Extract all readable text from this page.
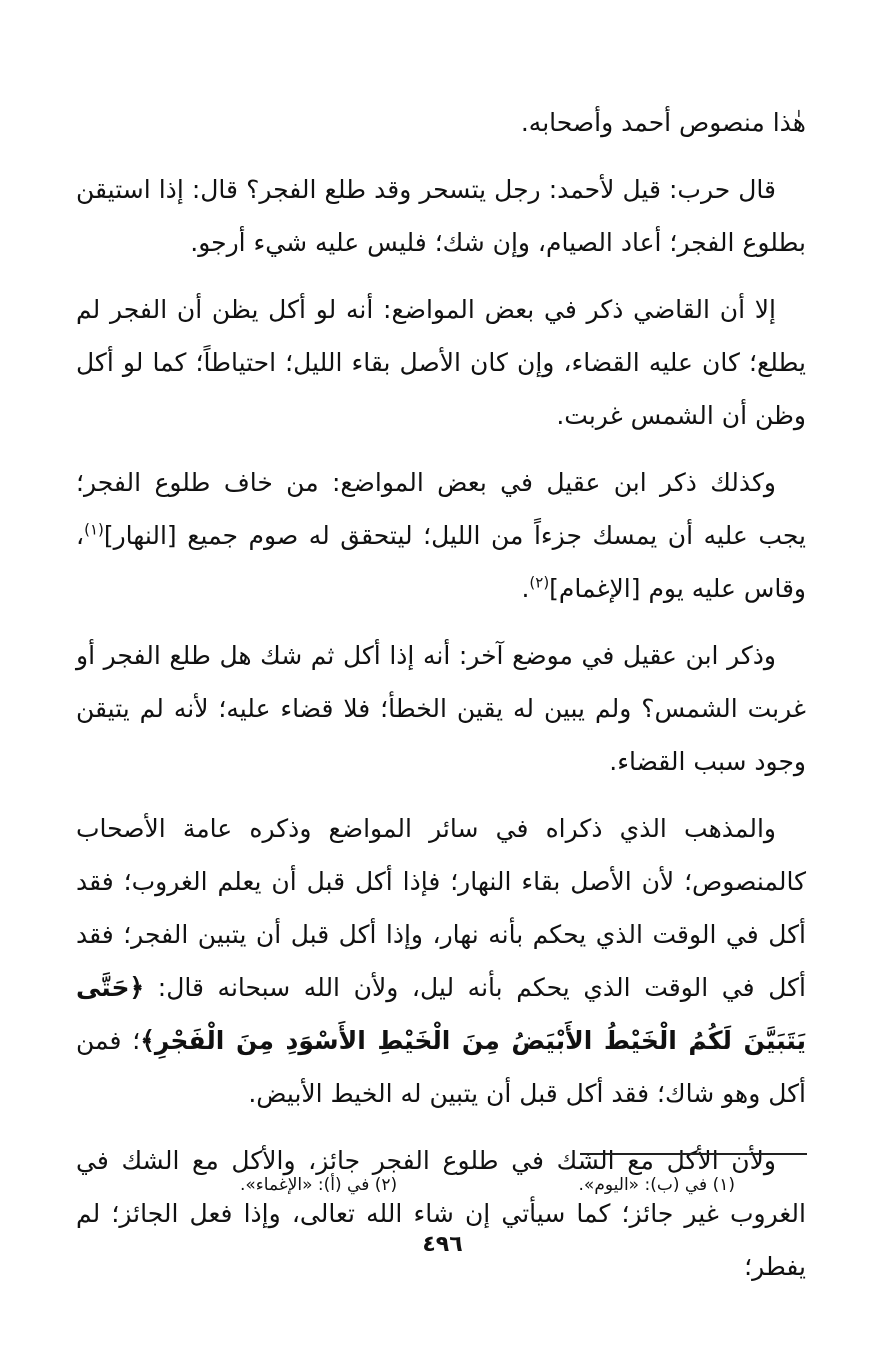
هٰذا منصوص أحمد وأصحابه.

قال حرب: قيل لأحمد: رجل يتسحر وقد طلع الفجر؟ قال: إذا استيقن بطلوع الفجر؛ أعاد الصيام، وإن شك؛ فليس عليه شيء أرجو.

إلا أن القاضي ذكر في بعض المواضع: أنه لو أكل يظن أن الفجر لم يطلع؛ كان عليه القضاء، وإن كان الأصل بقاء الليل؛ احتياطاً؛ كما لو أكل وظن أن الشمس غربت.

وكذلك ذكر ابن عقيل في بعض المواضع: من خاف طلوع الفجر؛ يجب عليه أن يمسك جزءاً من الليل؛ ليتحقق له صوم جميع [النهار]$^{(١)}$، وقاس عليه يوم [الإغمام]$^{(٢)}$.

وذكر ابن عقيل في موضع آخر: أنه إذا أكل ثم شك هل طلع الفجر أو غربت الشمس؟ ولم يبين له يقين الخطأ؛ فلا قضاء عليه؛ لأنه لم يتيقن وجود سبب القضاء.

والمذهب الذي ذكراه في سائر المواضع وذكره عامة الأصحاب كالمنصوص؛ لأن الأصل بقاء النهار؛ فإذا أكل قبل أن يعلم الغروب؛ فقد أكل في الوقت الذي يحكم بأنه نهار، وإذا أكل قبل أن يتبين الفجر؛ فقد أكل في الوقت الذي يحكم بأنه ليل، ولأن الله سبحانه قال: ﴿حَتَّى يَتَبَيَّنَ لَكُمُ الْخَيْطُ الأَبْيَضُ مِنَ الْخَيْطِ الأَسْوَدِ مِنَ الْفَجْرِ﴾؛ فمن أكل وهو شاك؛ فقد أكل قبل أن يتبين له الخيط الأبيض.

ولأن الأكل مع الشك في طلوع الفجر جائز، والأكل مع الشك في الغروب غير جائز؛ كما سيأتي إن شاء الله تعالى، وإذا فعل الجائز؛ لم يفطر؛

(١) في (ب): «اليوم».
(٢) في (أ): «الإغماء».
٤٩٦
